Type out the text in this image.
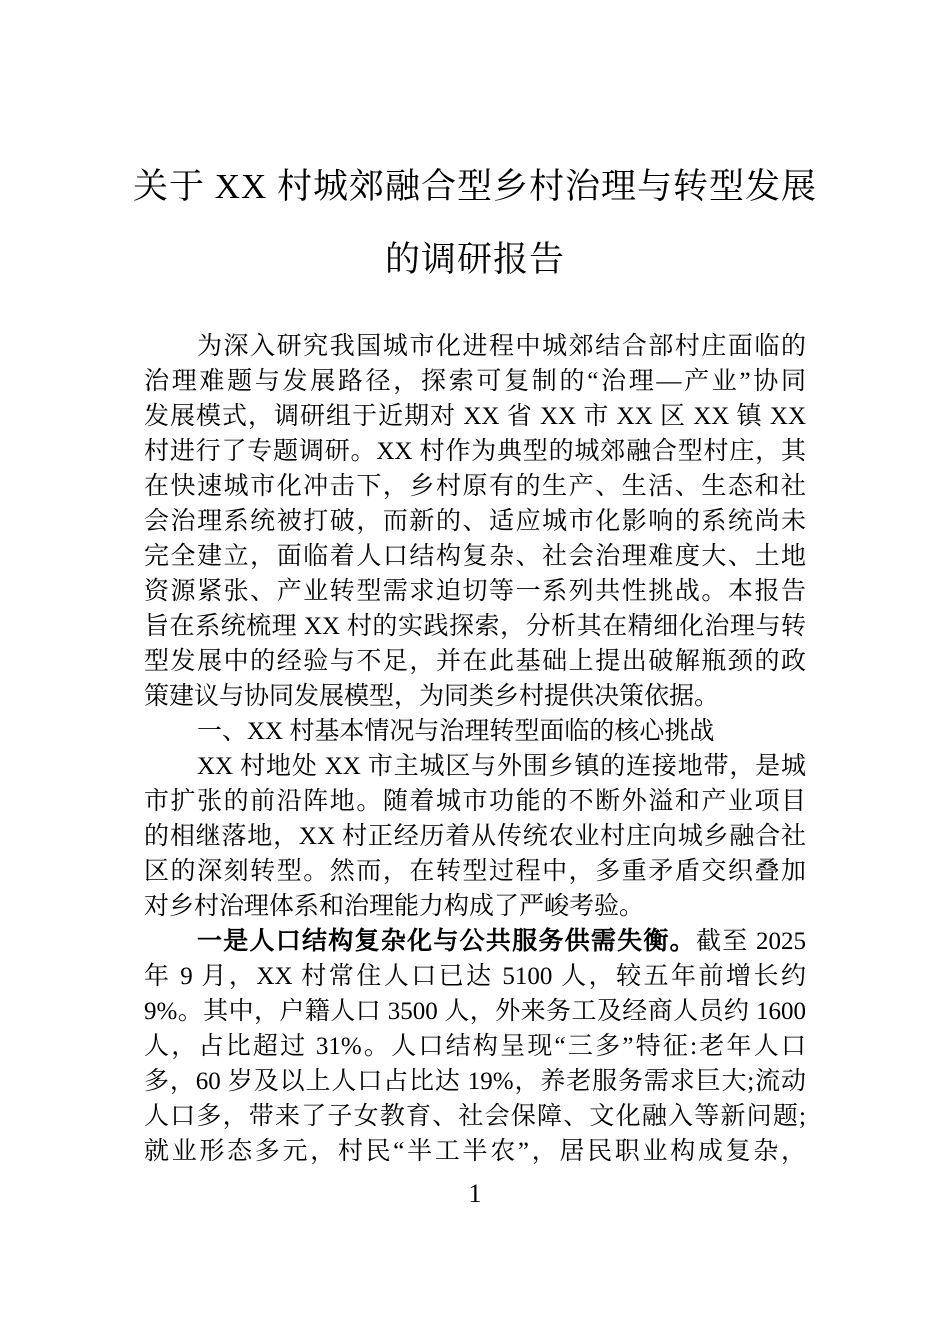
关于 XX 村城郊融合型乡村治理与转型发展
的调研报告
为深入研究我国城市化进程中城郊结合部村庄面临的
治理难题与发展路径，探索可复制的“治理—产业”协同
发展模式，调研组于近期对 XX 省 XX 市 XX 区 XX 镇 XX
村进行了专题调研。XX 村作为典型的城郊融合型村庄，其
在快速城市化冲击下，乡村原有的生产、生活、生态和社
会治理系统被打破，而新的、适应城市化影响的系统尚未
完全建立，面临着人口结构复杂、社会治理难度大、土地
资源紧张、产业转型需求迫切等一系列共性挑战。本报告
旨在系统梳理 XX 村的实践探索，分析其在精细化治理与转
型发展中的经验与不足，并在此基础上提出破解瓶颈的政
策建议与协同发展模型，为同类乡村提供决策依据。
一、XX 村基本情况与治理转型面临的核心挑战
XX 村地处 XX 市主城区与外围乡镇的连接地带，是城
市扩张的前沿阵地。随着城市功能的不断外溢和产业项目
的相继落地，XX 村正经历着从传统农业村庄向城乡融合社
区的深刻转型。然而，在转型过程中，多重矛盾交织叠加
对乡村治理体系和治理能力构成了严峻考验。
一是人口结构复杂化与公共服务供需失衡。截至 2025
年 9 月，XX 村常住人口已达 5100 人，较五年前增长约
9%。其中，户籍人口 3500 人，外来务工及经商人员约 1600
人，占比超过 31%。人口结构呈现“三多”特征:老年人口
多，60 岁及以上人口占比达 19%，养老服务需求巨大;流动
人口多，带来了子女教育、社会保障、文化融入等新问题;
就业形态多元，村民“半工半农”，居民职业构成复杂，
1
